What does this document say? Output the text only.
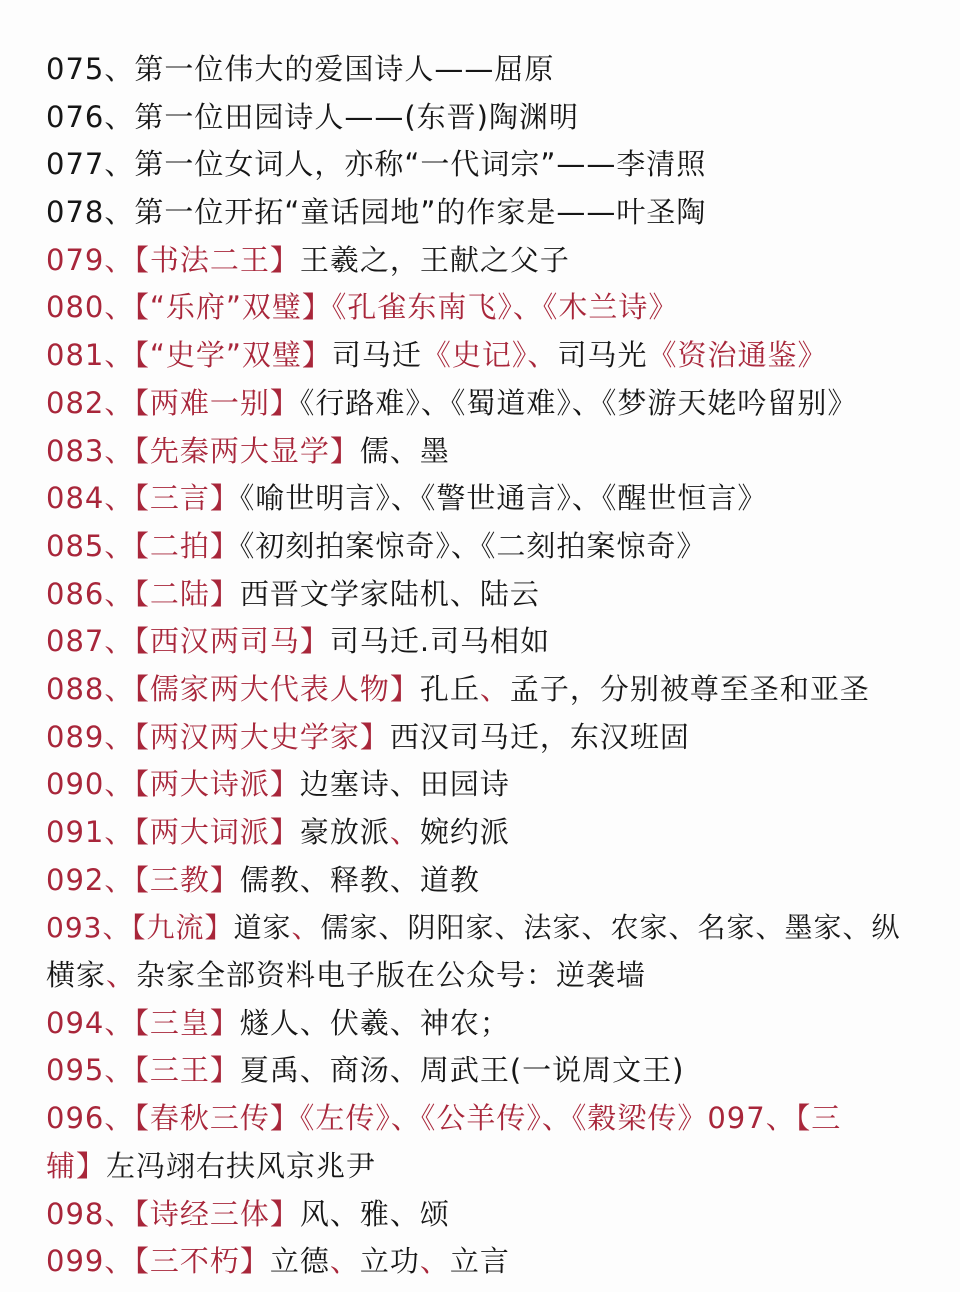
075、第一位伟大的爱国诗人——屈原
076、第一位田园诗人——(东晋)陶渊明
077、第一位女词人，亦称“一代词宗”——李清照
078、第一位开拓“童话园地”的作家是——叶圣陶
079、【书法二王】王羲之，王献之父子
080、【“乐府”双璧】《孔雀东南飞》、《木兰诗》
081、【“史学”双璧】司马迁《史记》、司马光《资治通鉴》
082、【两难一别】《行路难》、《蜀道难》、《梦游天姥吟留别》
083、【先秦两大显学】儒、墨
084、【三言】《喻世明言》、《警世通言》、《醒世恒言》
085、【二拍】《初刻拍案惊奇》、《二刻拍案惊奇》
086、【二陆】西晋文学家陆机、陆云
087、【西汉两司马】司马迁.司马相如
088、【儒家两大代表人物】孔丘、孟子，分别被尊至圣和亚圣
089、【两汉两大史学家】西汉司马迁，东汉班固
090、【两大诗派】边塞诗、田园诗
091、【两大词派】豪放派、婉约派
092、【三教】儒教、释教、道教
093、【九流】道家、儒家、阴阳家、法家、农家、名家、墨家、纵
横家、杂家全部资料电子版在公众号：逆袭墙
094、【三皇】燧人、伏羲、神农；
095、【三王】夏禹、商汤、周武王(一说周文王)
096、【春秋三传】《左传》、《公羊传》、《穀梁传》097、【三
辅】左冯翊右扶风京兆尹
098、【诗经三体】风、雅、颂
099、【三不朽】立德、立功、立言
